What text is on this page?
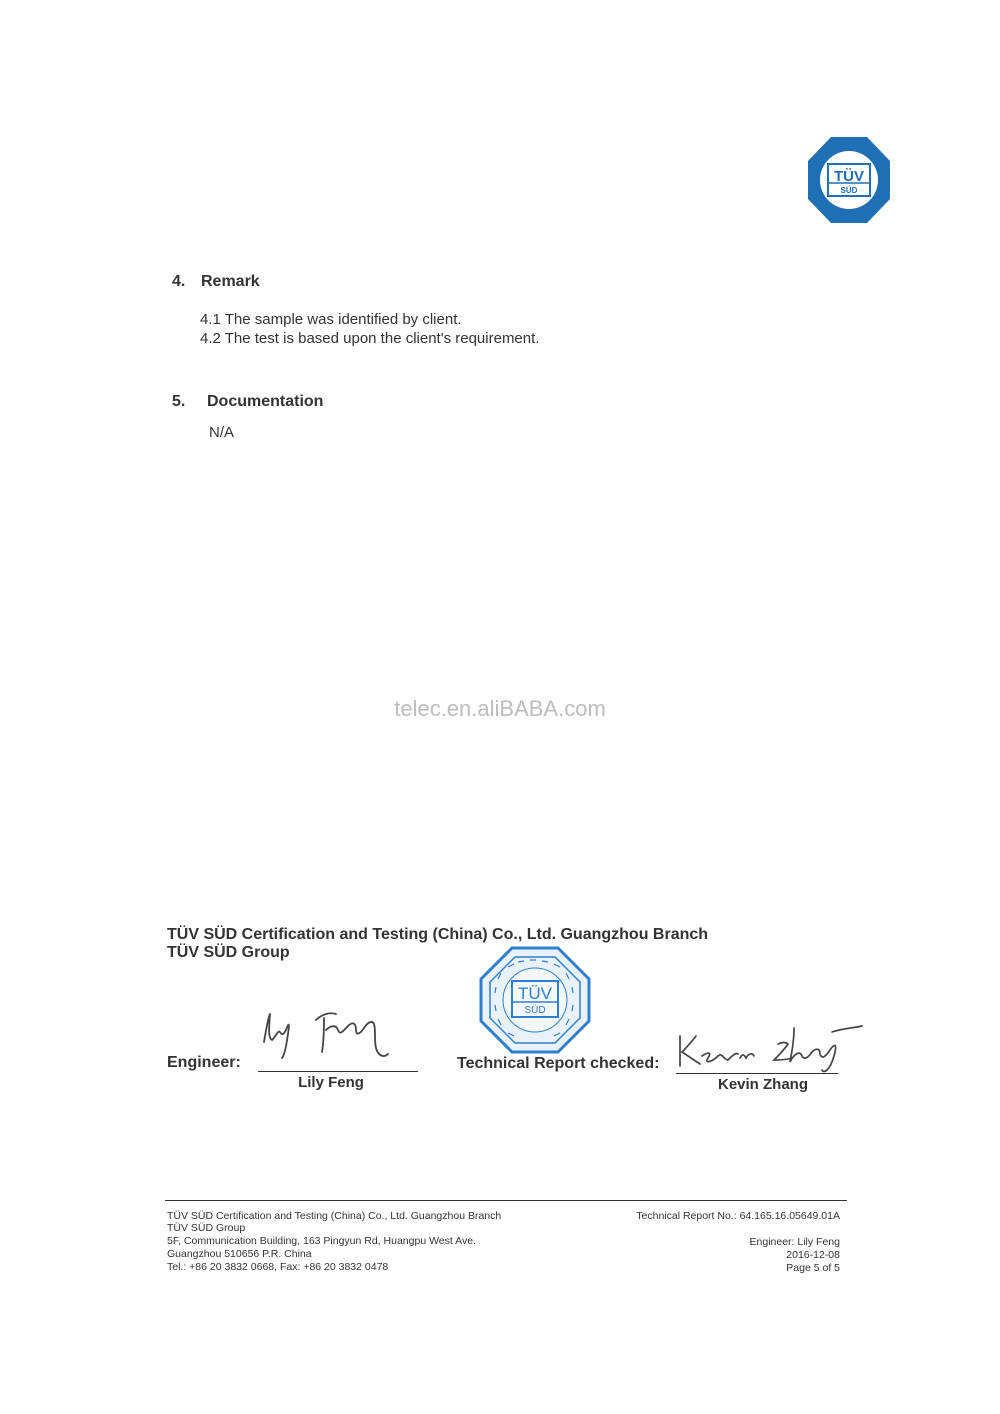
TÜV
SÜD
4. Remark
4.1 The sample was identified by client.
4.2 The test is based upon the client's requirement.
5. Documentation
N/A
telec.en.aliBABA.com
TÜV SÜD Certification and Testing (China) Co., Ltd. Guangzhou Branch
TÜV SÜD Group
TÜV
SÜD
Engineer:
Lily Feng
Technical Report checked:
Kevin Zhang
TÜV SÜD Certification and Testing (China) Co., Ltd. Guangzhou Branch
TÜV SÜD Group
5F, Communication Building, 163 Pingyun Rd, Huangpu West Ave.
Guangzhou 510656 P.R. China
Tel.: +86 20 3832 0668, Fax: +86 20 3832 0478
Technical Report No.: 64.165.16.05649.01A
Engineer: Lily Feng
2016-12-08
Page 5 of 5
